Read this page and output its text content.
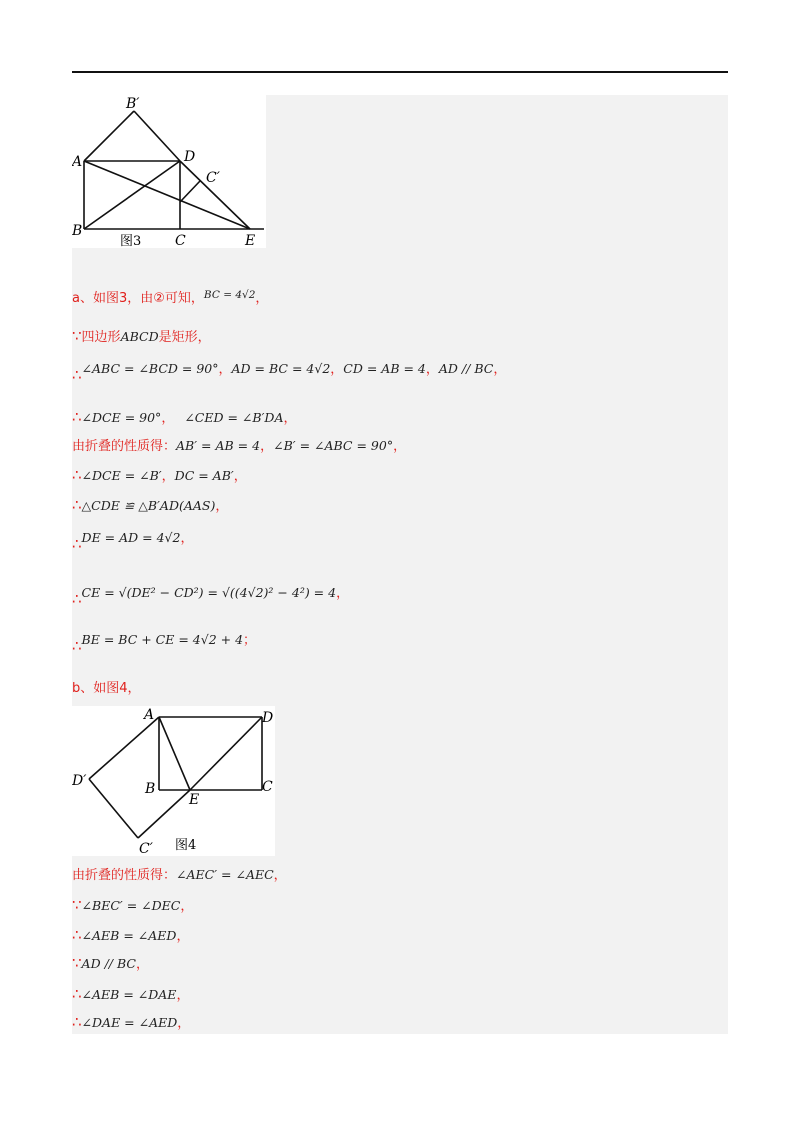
B′
A	D
C′
B
C	E
图3
A	D
D′	B
E
C
C′ 图4
a、如图3，由②可知，$^{BC = 4√2}$，
∵四边形ABCD是矩形，
∴∠ABC = ∠BCD = 90°，AD = BC = 4√2，CD = AB = 4，AD // BC，
∴∠DCE = 90°， ∠CED = ∠B′DA，
由折叠的性质得：AB′ = AB = 4，∠B′ = ∠ABC = 90°，
∴∠DCE = ∠B′，DC = AB′，
∴△CDE ≌ △B′AD(AAS)，
∴DE = AD = 4√2，
∴CE = √(DE² − CD²) = √((4√2)² − 4²) = 4，
∴BE = BC + CE = 4√2 + 4；
b、如图4，
由折叠的性质得：∠AEC′ = ∠AEC，
∵∠BEC′ = ∠DEC，
∴∠AEB = ∠AED，
∵AD // BC，
∴∠AEB = ∠DAE，
∴∠DAE = ∠AED，
